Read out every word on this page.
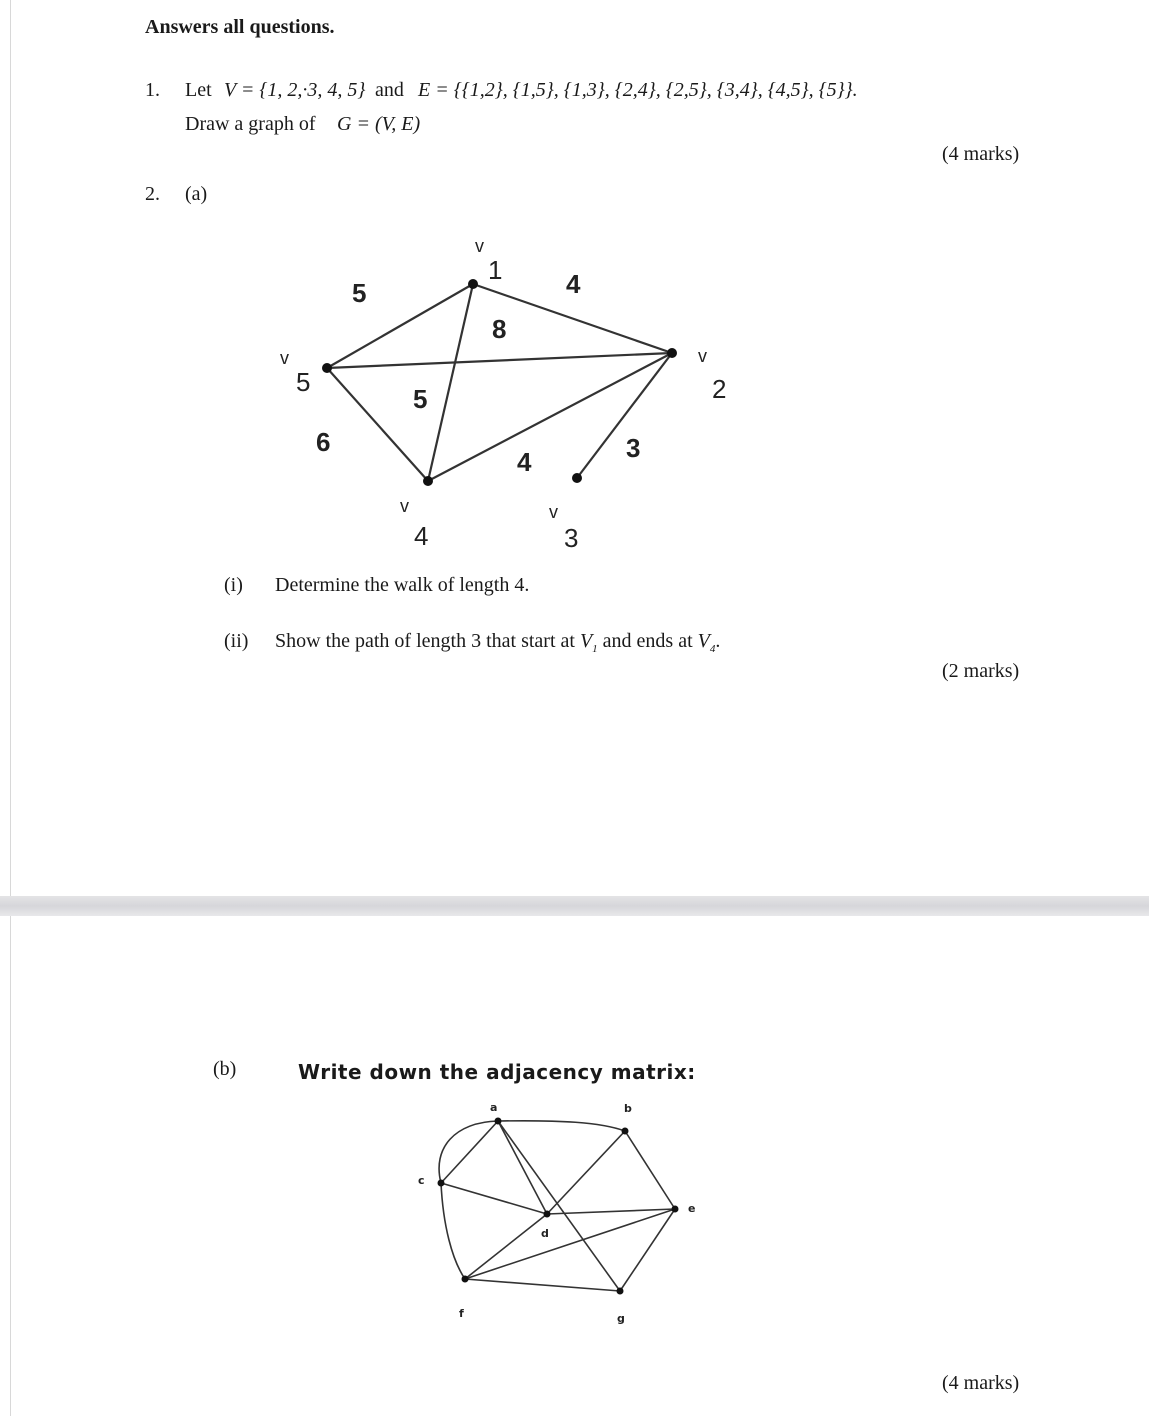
Answers all questions.
1. Let V = {1, 2,·3, 4, 5} and E = {{1,2}, {1,5}, {1,3}, {2,4}, {2,5}, {3,4}, {4,5}, {5}}.
Draw a graph of G = (V, E)
(4 marks)
2. (a)
v
1
v
2
v
3
v
4
v
5
5	4
5
8
6
4	3
(i) Determine the walk of length 4.
(ii) Show the path of length 3 that start at $V_1$ and ends at $V_4$.
(2 marks)
(b)	Write down the adjacency matrix:
a	b
c
d
e
f	g
(4 marks)
